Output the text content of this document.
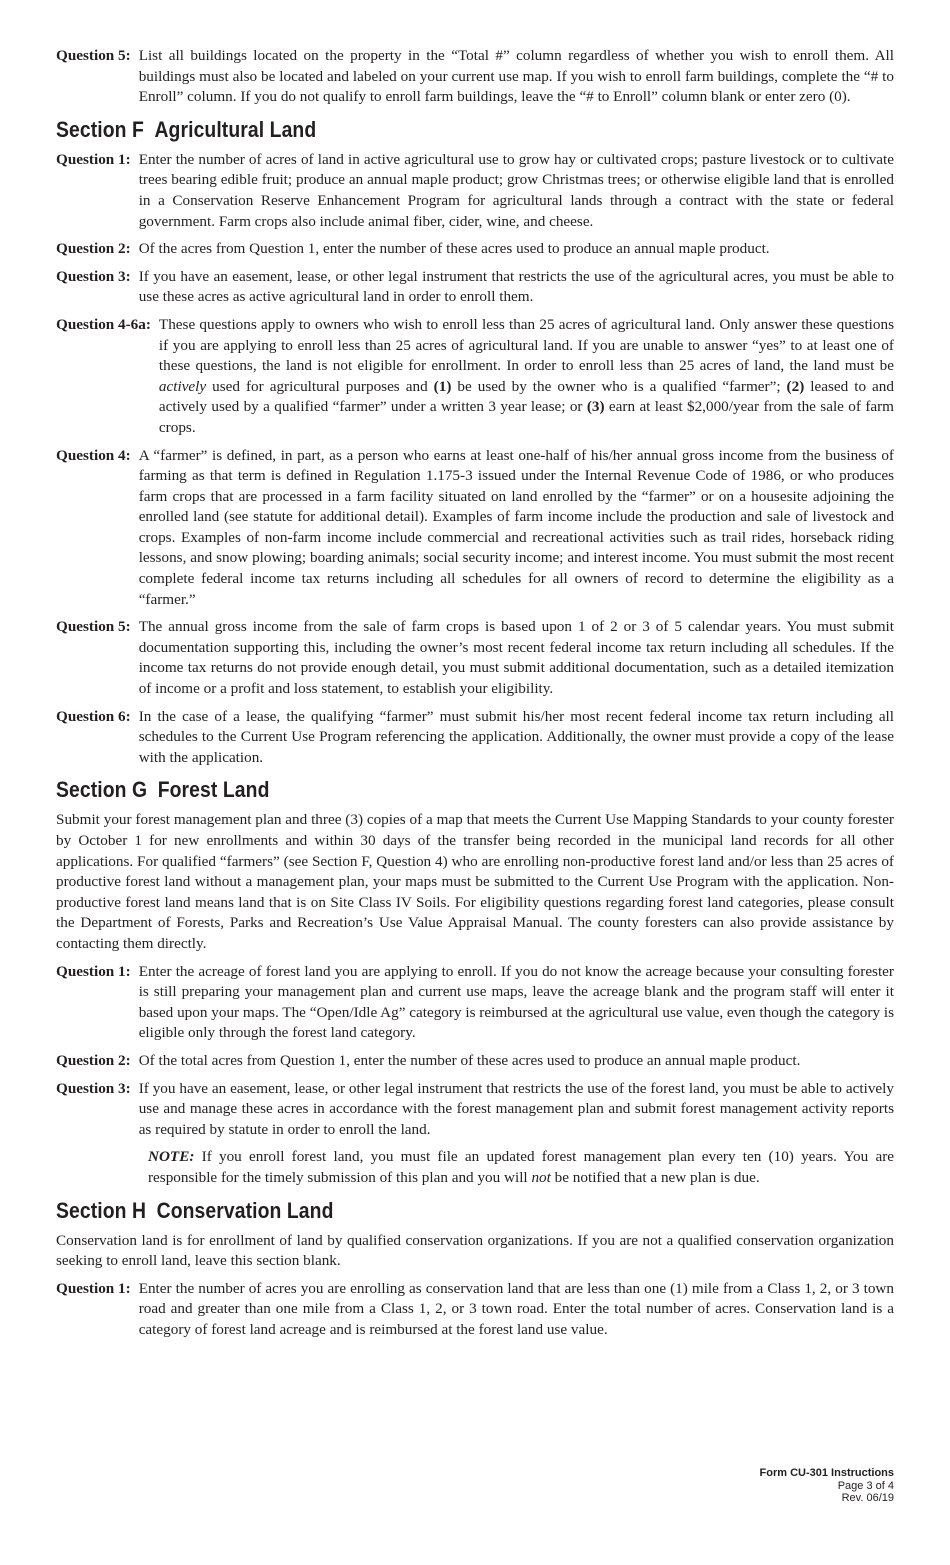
Question 5: List all buildings located on the property in the “Total #” column regardless of whether you wish to enroll them. All buildings must also be located and labeled on your current use map. If you wish to enroll farm buildings, complete the “# to Enroll” column. If you do not qualify to enroll farm buildings, leave the “# to Enroll” column blank or enter zero (0).
Section F Agricultural Land
Question 1: Enter the number of acres of land in active agricultural use to grow hay or cultivated crops; pasture livestock or to cultivate trees bearing edible fruit; produce an annual maple product; grow Christmas trees; or otherwise eligible land that is enrolled in a Conservation Reserve Enhancement Program for agricultural lands through a contract with the state or federal government. Farm crops also include animal fiber, cider, wine, and cheese.
Question 2: Of the acres from Question 1, enter the number of these acres used to produce an annual maple product.
Question 3: If you have an easement, lease, or other legal instrument that restricts the use of the agricultural acres, you must be able to use these acres as active agricultural land in order to enroll them.
Question 4-6a: These questions apply to owners who wish to enroll less than 25 acres of agricultural land. Only answer these questions if you are applying to enroll less than 25 acres of agricultural land. If you are unable to answer “yes” to at least one of these questions, the land is not eligible for enrollment. In order to enroll less than 25 acres of land, the land must be actively used for agricultural purposes and (1) be used by the owner who is a qualified “farmer”; (2) leased to and actively used by a qualified “farmer” under a written 3 year lease; or (3) earn at least $2,000/year from the sale of farm crops.
Question 4: A “farmer” is defined, in part, as a person who earns at least one-half of his/her annual gross income from the business of farming as that term is defined in Regulation 1.175-3 issued under the Internal Revenue Code of 1986, or who produces farm crops that are processed in a farm facility situated on land enrolled by the “farmer” or on a housesite adjoining the enrolled land (see statute for additional detail). Examples of farm income include the production and sale of livestock and crops. Examples of non-farm income include commercial and recreational activities such as trail rides, horseback riding lessons, and snow plowing; boarding animals; social security income; and interest income. You must submit the most recent complete federal income tax returns including all schedules for all owners of record to determine the eligibility as a “farmer.”
Question 5: The annual gross income from the sale of farm crops is based upon 1 of 2 or 3 of 5 calendar years. You must submit documentation supporting this, including the owner’s most recent federal income tax return including all schedules. If the income tax returns do not provide enough detail, you must submit additional documentation, such as a detailed itemization of income or a profit and loss statement, to establish your eligibility.
Question 6: In the case of a lease, the qualifying “farmer” must submit his/her most recent federal income tax return including all schedules to the Current Use Program referencing the application. Additionally, the owner must provide a copy of the lease with the application.
Section G Forest Land
Submit your forest management plan and three (3) copies of a map that meets the Current Use Mapping Standards to your county forester by October 1 for new enrollments and within 30 days of the transfer being recorded in the municipal land records for all other applications. For qualified “farmers” (see Section F, Question 4) who are enrolling non-productive forest land and/or less than 25 acres of productive forest land without a management plan, your maps must be submitted to the Current Use Program with the application. Non-productive forest land means land that is on Site Class IV Soils. For eligibility questions regarding forest land categories, please consult the Department of Forests, Parks and Recreation’s Use Value Appraisal Manual. The county foresters can also provide assistance by contacting them directly.
Question 1: Enter the acreage of forest land you are applying to enroll. If you do not know the acreage because your consulting forester is still preparing your management plan and current use maps, leave the acreage blank and the program staff will enter it based upon your maps. The “Open/Idle Ag” category is reimbursed at the agricultural use value, even though the category is eligible only through the forest land category.
Question 2: Of the total acres from Question 1, enter the number of these acres used to produce an annual maple product.
Question 3: If you have an easement, lease, or other legal instrument that restricts the use of the forest land, you must be able to actively use and manage these acres in accordance with the forest management plan and submit forest management activity reports as required by statute in order to enroll the land.
NOTE: If you enroll forest land, you must file an updated forest management plan every ten (10) years. You are responsible for the timely submission of this plan and you will not be notified that a new plan is due.
Section H Conservation Land
Conservation land is for enrollment of land by qualified conservation organizations. If you are not a qualified conservation organization seeking to enroll land, leave this section blank.
Question 1: Enter the number of acres you are enrolling as conservation land that are less than one (1) mile from a Class 1, 2, or 3 town road and greater than one mile from a Class 1, 2, or 3 town road. Enter the total number of acres. Conservation land is a category of forest land acreage and is reimbursed at the forest land use value.
Form CU-301 Instructions
Page 3 of 4
Rev. 06/19
